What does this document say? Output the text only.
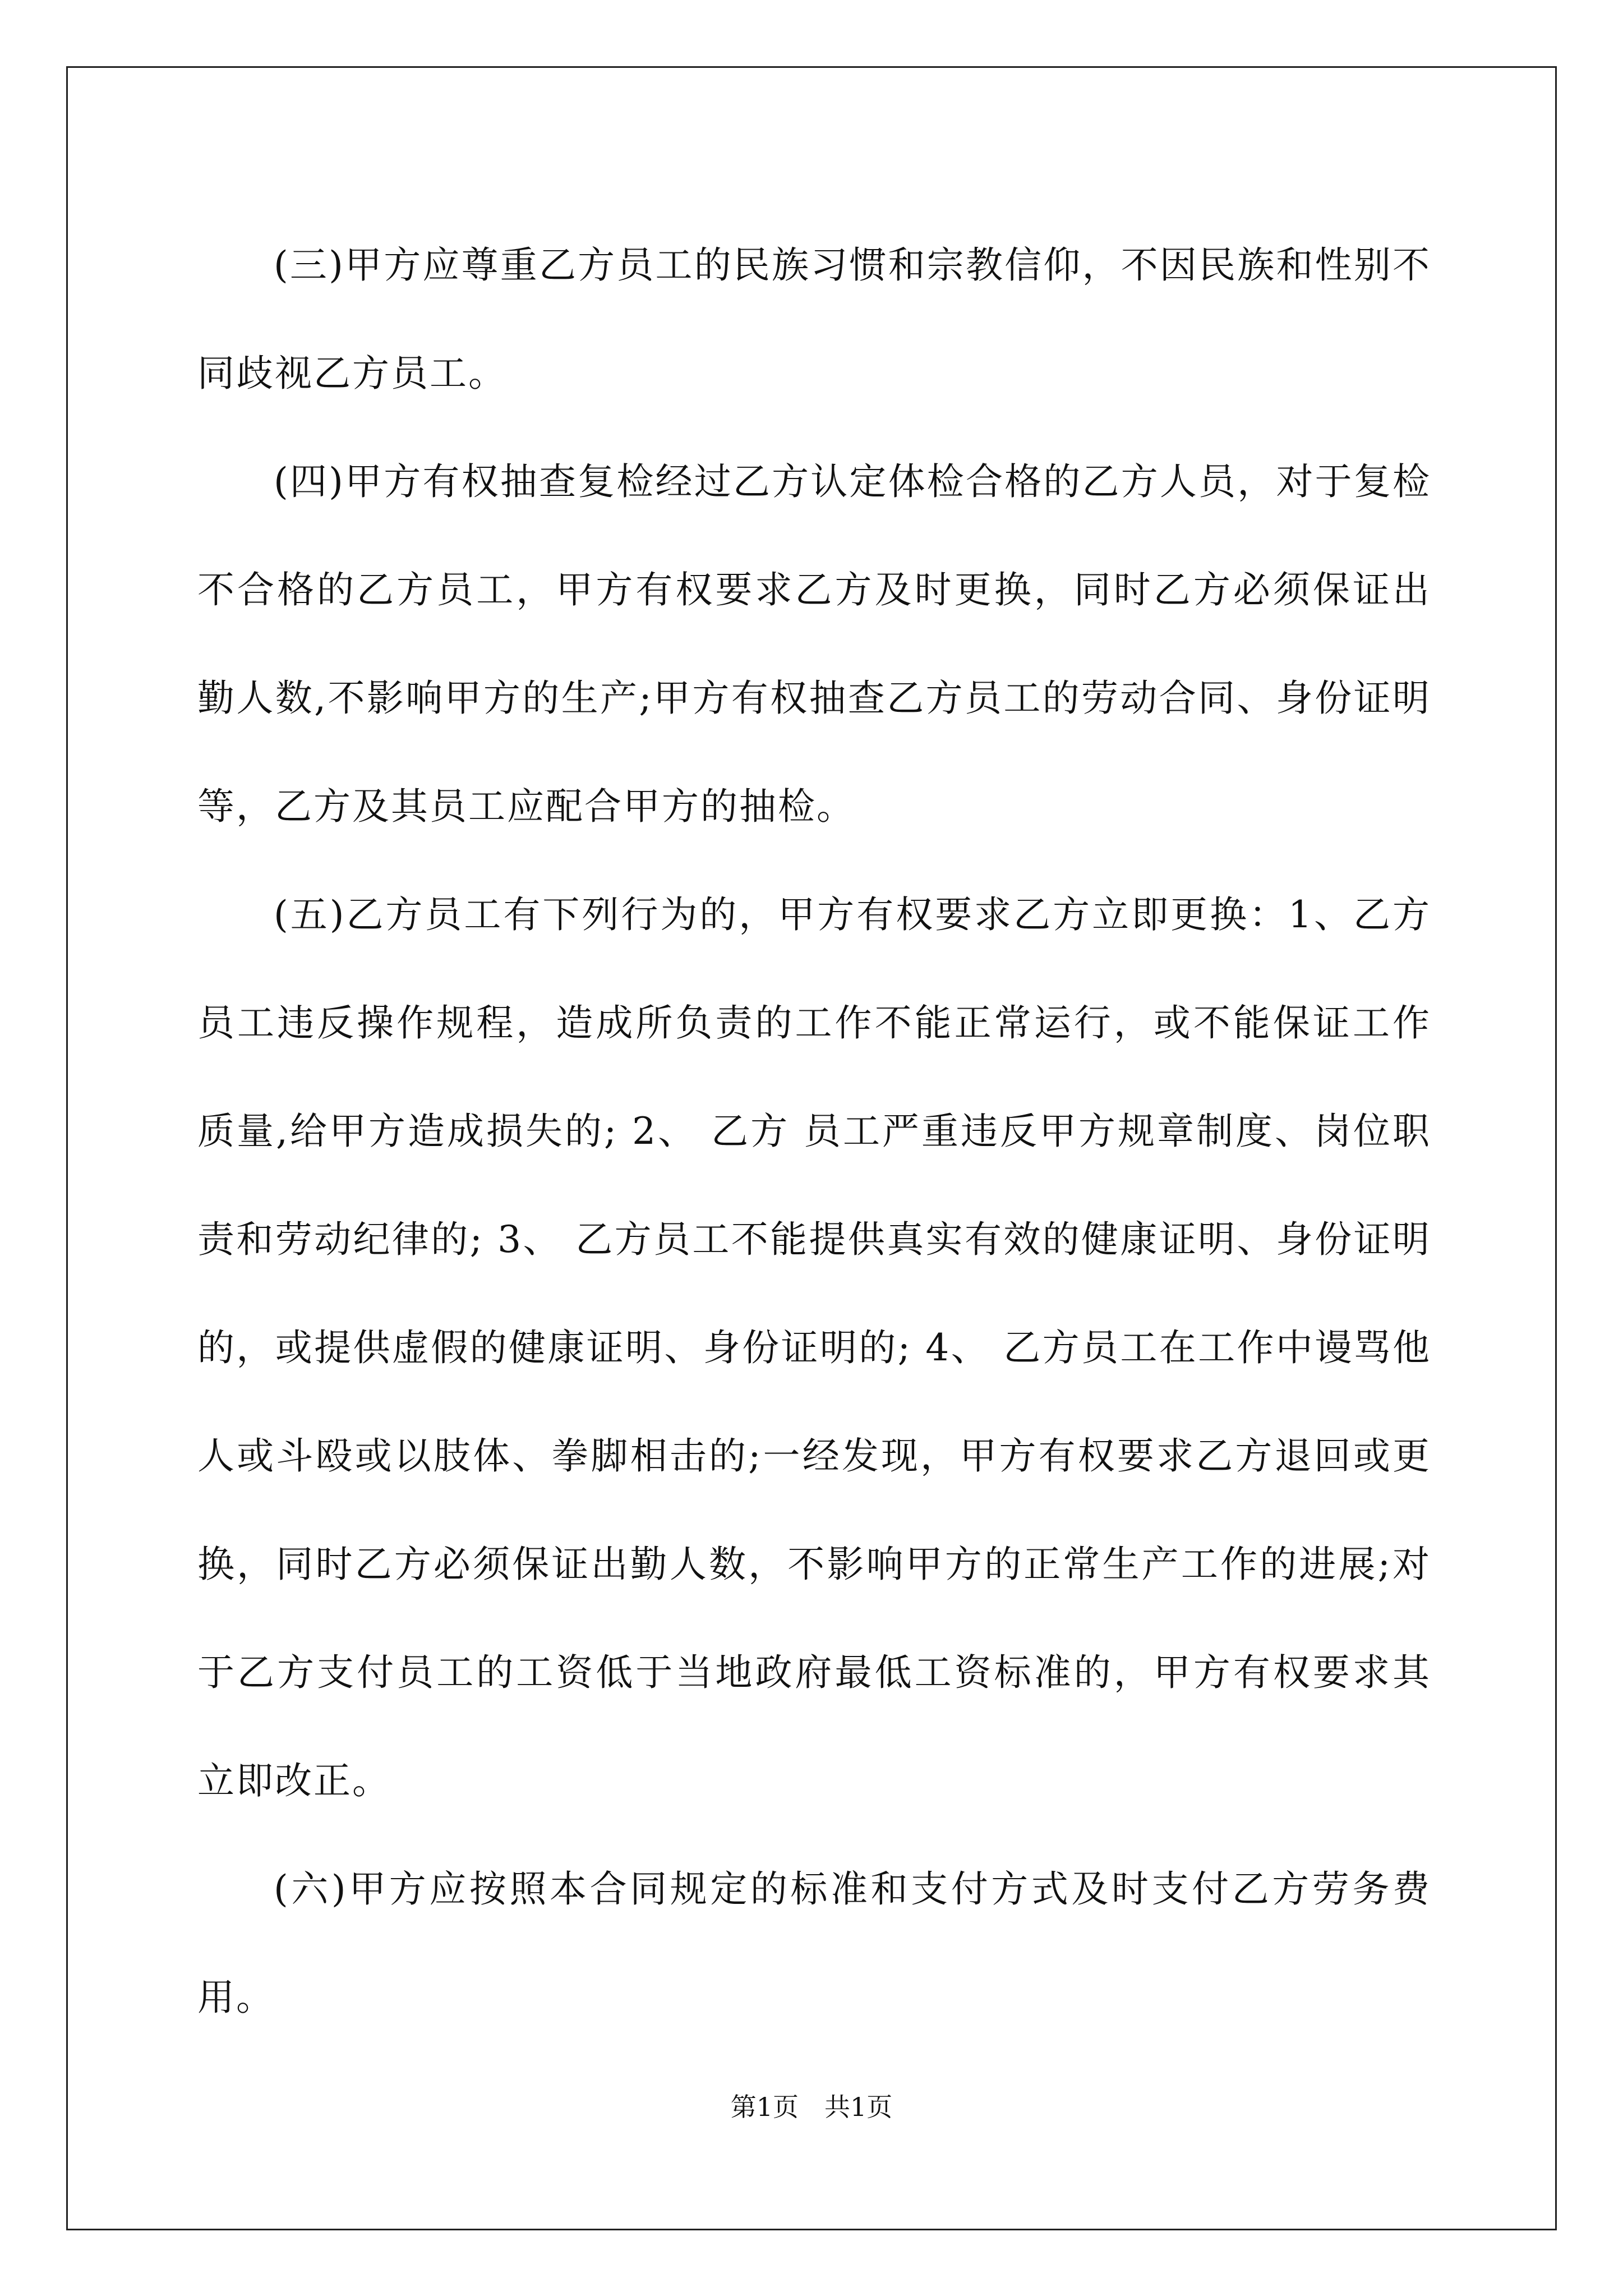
(三)甲方应尊重乙方员工的民族习惯和宗教信仰，不因民族和性别不同歧视乙方员工。

(四)甲方有权抽查复检经过乙方认定体检合格的乙方人员，对于复检不合格的乙方员工，甲方有权要求乙方及时更换，同时乙方必须保证出勤人数,不影响甲方的生产;甲方有权抽查乙方员工的劳动合同、身份证明等，乙方及其员工应配合甲方的抽检。

(五)乙方员工有下列行为的，甲方有权要求乙方立即更换：1、乙方员工违反操作规程，造成所负责的工作不能正常运行，或不能保证工作质量,给甲方造成损失的; 2、 乙方 员工严重违反甲方规章制度、岗位职责和劳动纪律的; 3、 乙方员工不能提供真实有效的健康证明、身份证明的，或提供虚假的健康证明、身份证明的; 4、 乙方员工在工作中谩骂他人或斗殴或以肢体、拳脚相击的;一经发现，甲方有权要求乙方退回或更换，同时乙方必须保证出勤人数，不影响甲方的正常生产工作的进展;对于乙方支付员工的工资低于当地政府最低工资标准的，甲方有权要求其立即改正。

(六)甲方应按照本合同规定的标准和支付方式及时支付乙方劳务费用。

第1页　共1页
